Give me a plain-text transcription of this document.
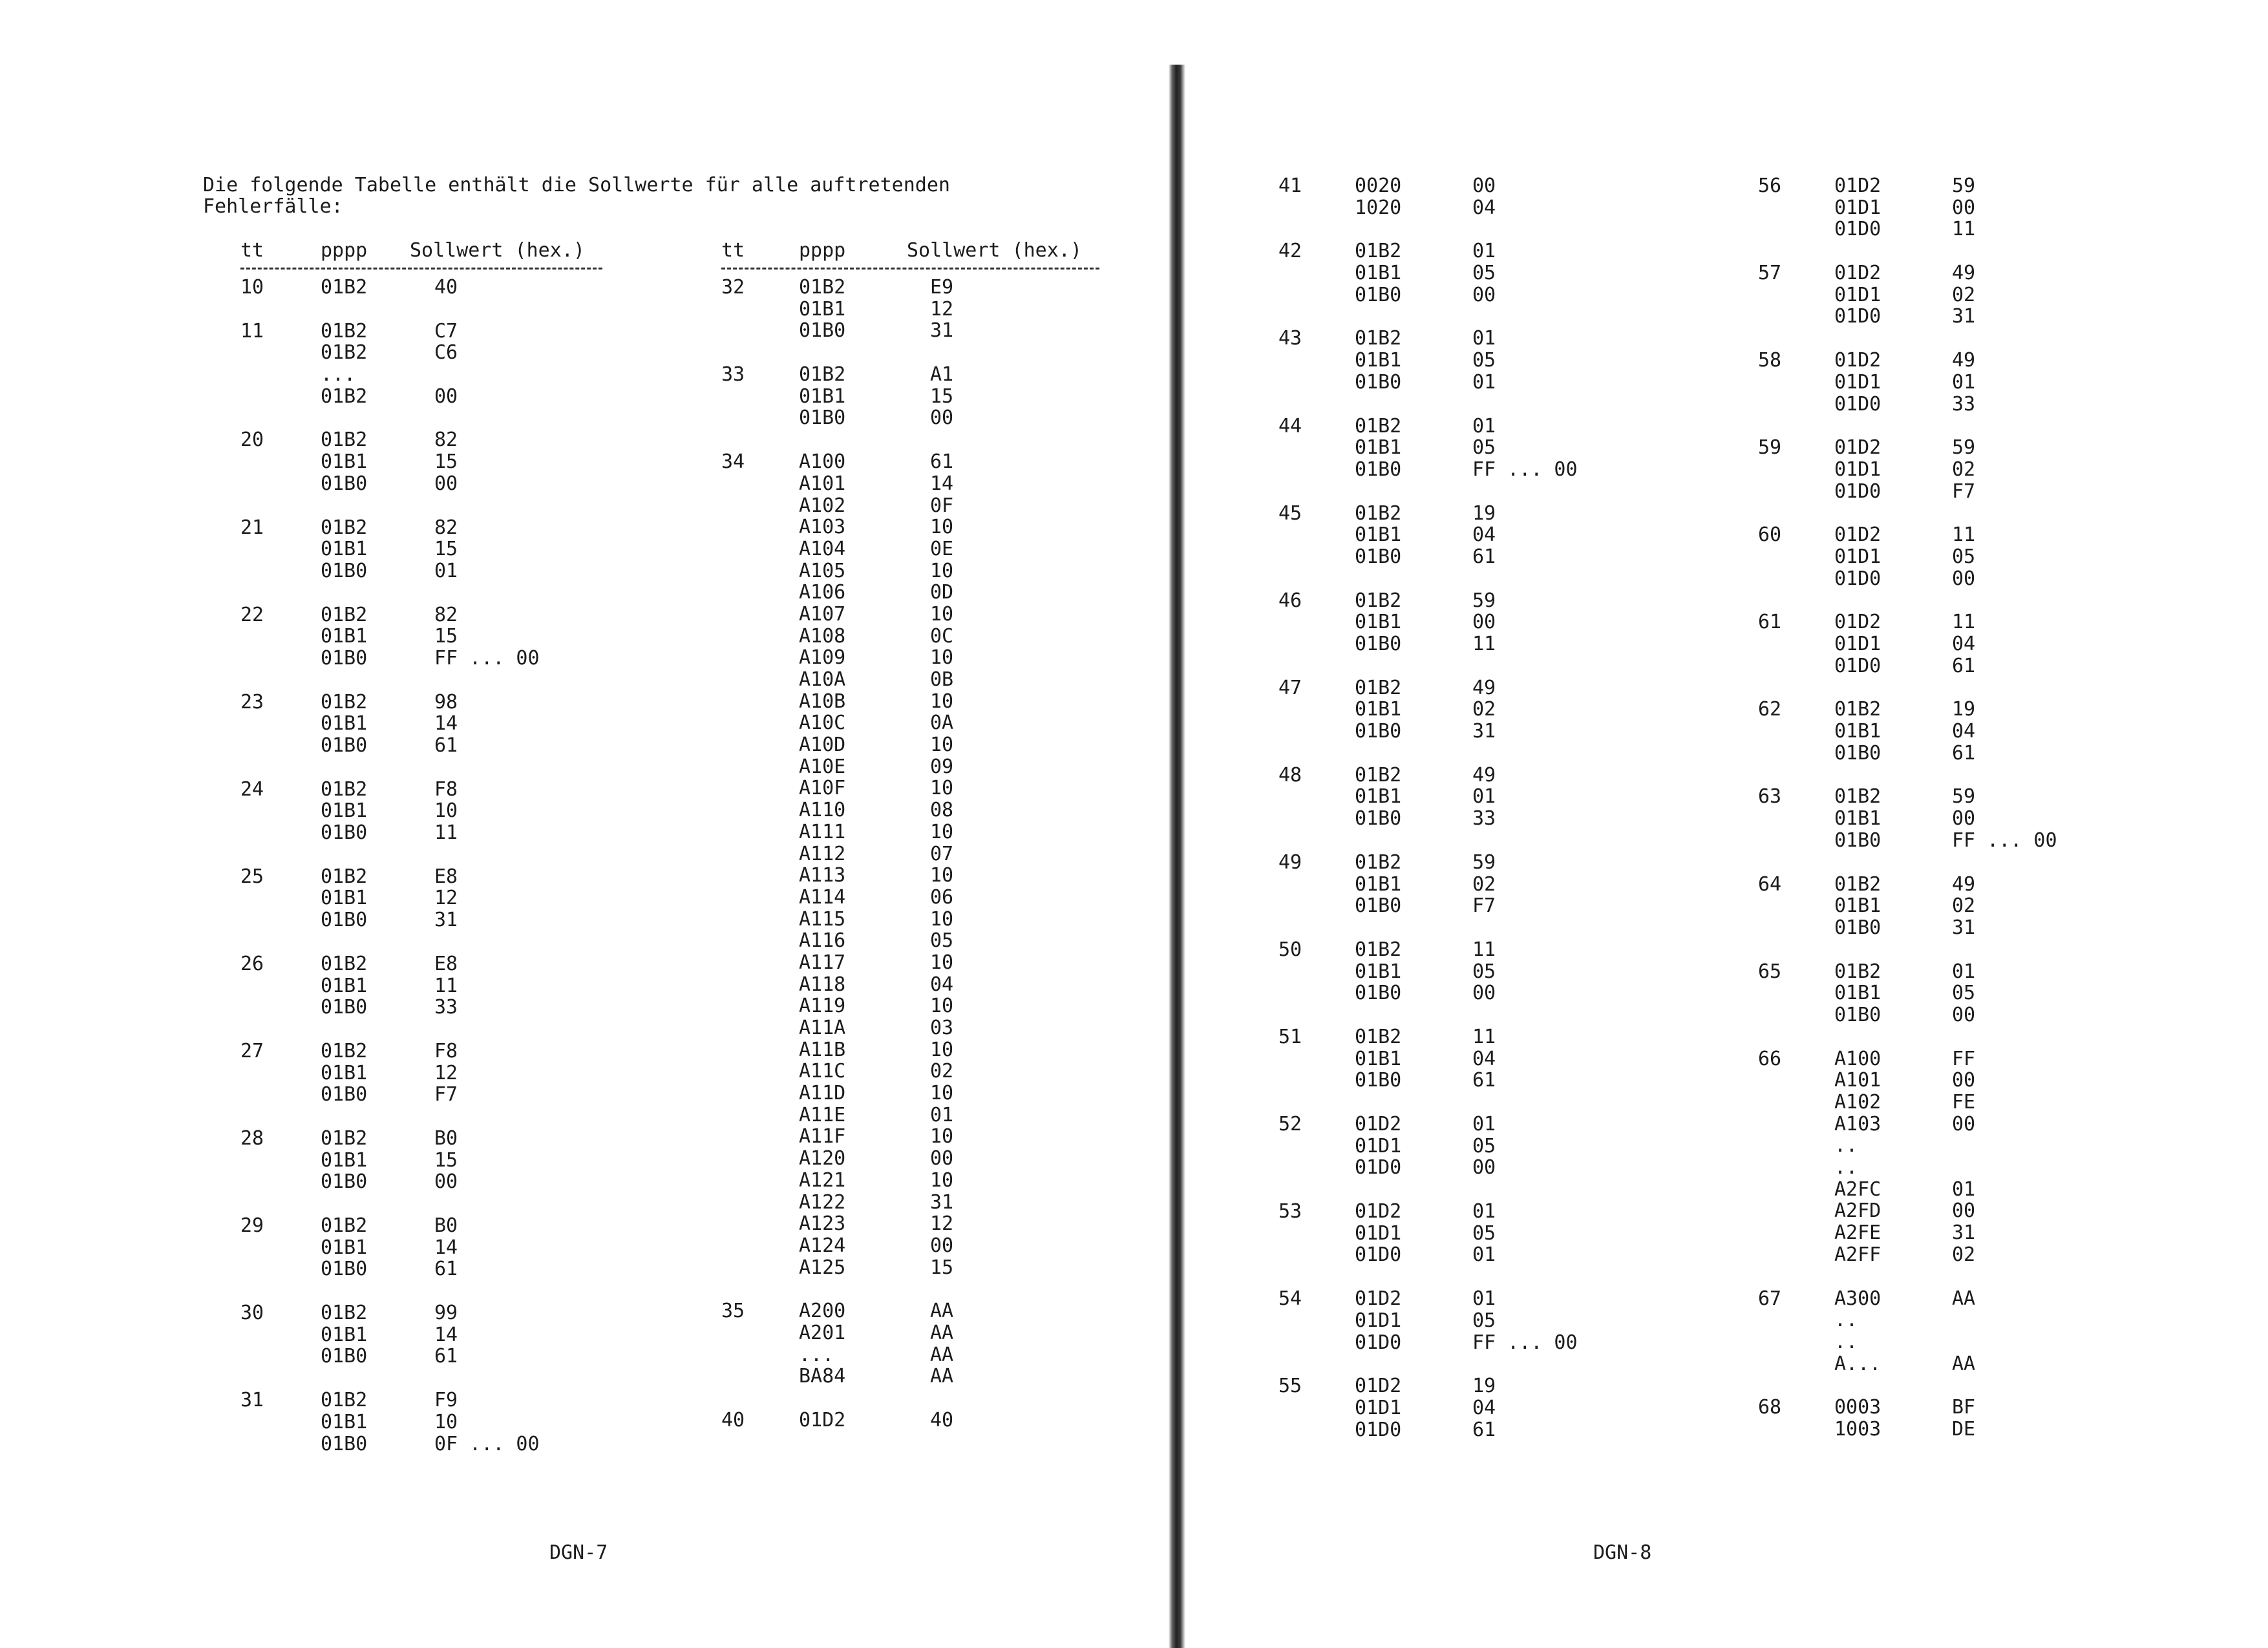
Die folgende Tabelle enthält die Sollwerte für alle auftretenden Fehlerfälle:

tt	pppp Sollwert (hex.)
10	01B2	40
11	01B2	C7
01B2	C6
...
01B2	00
20	01B2	82
01B1	15
01B0	00
21	01B2	82
01B1	15
01B0	01
22	01B2	82
01B1	15
01B0	FF ... 00
23	01B2	98
01B1	14
01B0	61
24	01B2	F8
01B1	10
01B0	11
25	01B2	E8
01B1	12
01B0	31
26	01B2	E8
01B1	11
01B0	33
27	01B2	F8
01B1	12
01B0	F7
28	01B2	B0
01B1	15
01B0	00
29	01B2	B0
01B1	14
01B0	61
30	01B2	99
01B1	14
01B0	61
31	01B2	F9
01B1	10
01B0	0F ... 00
tt	pppp	Sollwert (hex.)
32	01B2	E9
01B1	12
01B0	31
33	01B2	A1
01B1	15
01B0	00
34	A100	61
A101	14
A102	0F
A103	10
A104	0E
A105	10
A106	0D
A107	10
A108	0C
A109	10
A10A	0B
A10B	10
A10C	0A
A10D	10
A10E	09
A10F	10
A110	08
A111	10
A112	07
A113	10
A114	06
A115	10
A116	05
A117	10
A118	04
A119	10
A11A	03
A11B	10
A11C	02
A11D	10
A11E	01
A11F	10
A120	00
A121	10
A122	31
A123	12
A124	00
A125	15
35	A200	AA
A201	AA
...	AA
BA84	AA
40	01D2	40
41	0020	00
1020	04
42	01B2	01
01B1	05
01B0	00
43	01B2	01
01B1	05
01B0	01
44	01B2	01
01B1	05
01B0	FF ... 00
45	01B2	19
01B1	04
01B0	61
46	01B2	59
01B1	00
01B0	11
47	01B2	49
01B1	02
01B0	31
48	01B2	49
01B1	01
01B0	33
49	01B2	59
01B1	02
01B0	F7
50	01B2	11
01B1	05
01B0	00
51	01B2	11
01B1	04
01B0	61
52	01D2	01
01D1	05
01D0	00
53	01D2	01
01D1	05
01D0	01
54	01D2	01
01D1	05
01D0	FF ... 00
55	01D2	19
01D1	04
01D0	61
56	01D2	59
01D1	00
01D0	11
57	01D2	49
01D1	02
01D0	31
58	01D2	49
01D1	01
01D0	33
59	01D2	59
01D1	02
01D0	F7
60	01D2	11
01D1	05
01D0	00
61	01D2	11
01D1	04
01D0	61
62	01B2	19
01B1	04
01B0	61
63	01B2	59
01B1	00
01B0	FF ... 00
64	01B2	49
01B1	02
01B0	31
65	01B2	01
01B1	05
01B0	00
66	A100	FF
A101	00
A102	FE
A103	00
..
..
A2FC	01
A2FD	00
A2FE	31
A2FF	02
67	A300	AA
..
..
A...	AA
68	0003	BF
1003	DE
DGN-7	DGN-8
